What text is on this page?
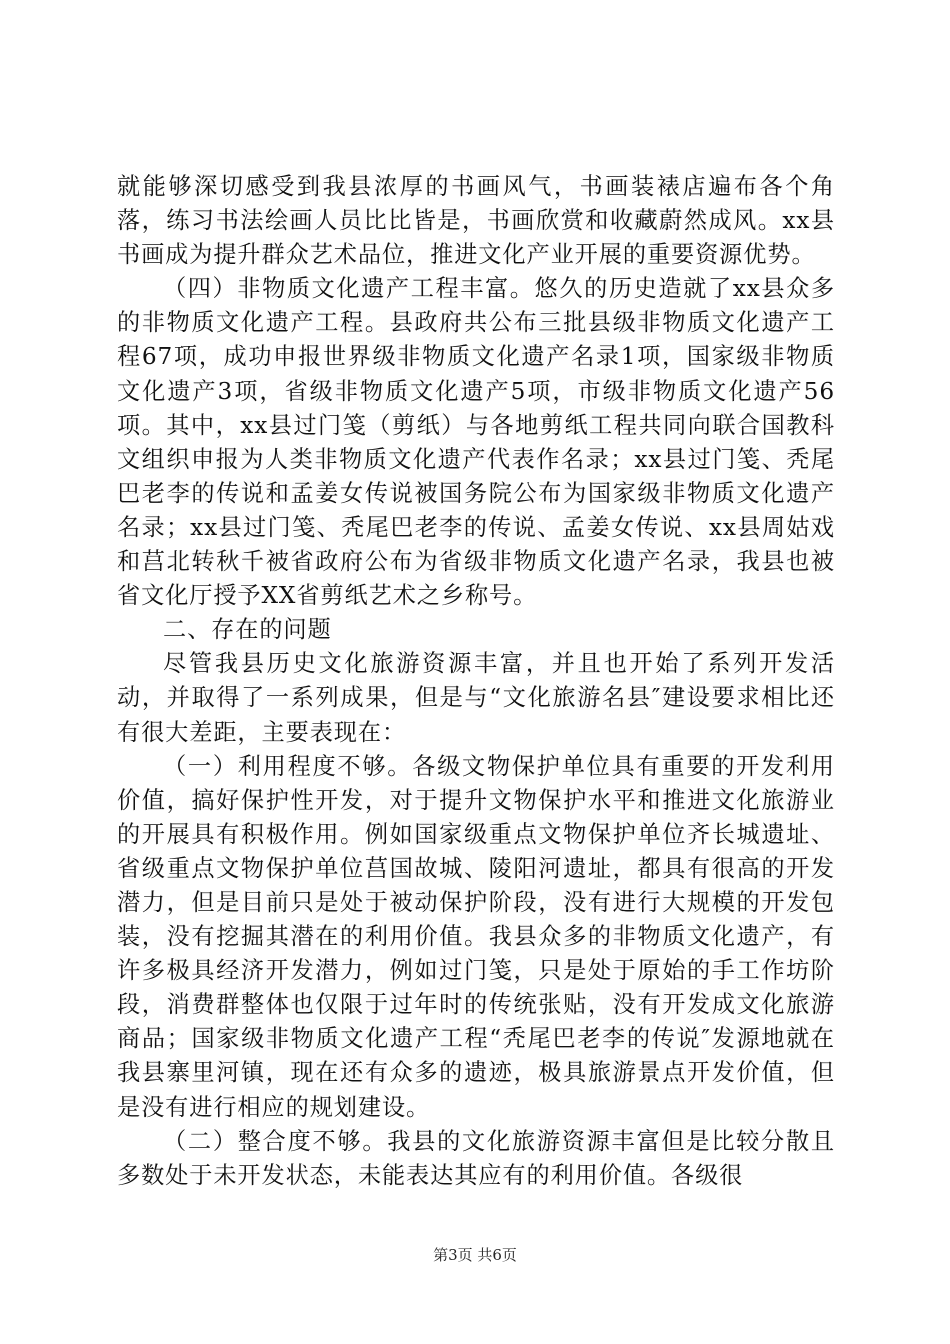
就能够深切感受到我县浓厚的书画风气，书画装裱店遍布各个角落，练习书法绘画人员比比皆是，书画欣赏和收藏蔚然成风。xx县书画成为提升群众艺术品位，推进文化产业开展的重要资源优势。

（四）非物质文化遗产工程丰富。悠久的历史造就了xx县众多的非物质文化遗产工程。县政府共公布三批县级非物质文化遗产工程67项，成功申报世界级非物质文化遗产名录1项，国家级非物质文化遗产3项，省级非物质文化遗产5项，市级非物质文化遗产56项。其中，xx县过门笺（剪纸）与各地剪纸工程共同向联合国教科文组织申报为人类非物质文化遗产代表作名录；xx县过门笺、秃尾巴老李的传说和孟姜女传说被国务院公布为国家级非物质文化遗产名录；xx县过门笺、秃尾巴老李的传说、孟姜女传说、xx县周姑戏和莒北转秋千被省政府公布为省级非物质文化遗产名录，我县也被省文化厅授予XX省剪纸艺术之乡称号。

二、存在的问题

尽管我县历史文化旅游资源丰富，并且也开始了系列开发活动，并取得了一系列成果，但是与“文化旅游名县″建设要求相比还有很大差距，主要表现在：

（一）利用程度不够。各级文物保护单位具有重要的开发利用价值，搞好保护性开发，对于提升文物保护水平和推进文化旅游业的开展具有积极作用。例如国家级重点文物保护单位齐长城遗址、省级重点文物保护单位莒国故城、陵阳河遗址，都具有很高的开发潜力，但是目前只是处于被动保护阶段，没有进行大规模的开发包装，没有挖掘其潜在的利用价值。我县众多的非物质文化遗产，有许多极具经济开发潜力，例如过门笺，只是处于原始的手工作坊阶段，消费群整体也仅限于过年时的传统张贴，没有开发成文化旅游商品；国家级非物质文化遗产工程“秃尾巴老李的传说″发源地就在我县寨里河镇，现在还有众多的遗迹，极具旅游景点开发价值，但是没有进行相应的规划建设。

（二）整合度不够。我县的文化旅游资源丰富但是比较分散且多数处于未开发状态，未能表达其应有的利用价值。各级很

第3页 共6页
